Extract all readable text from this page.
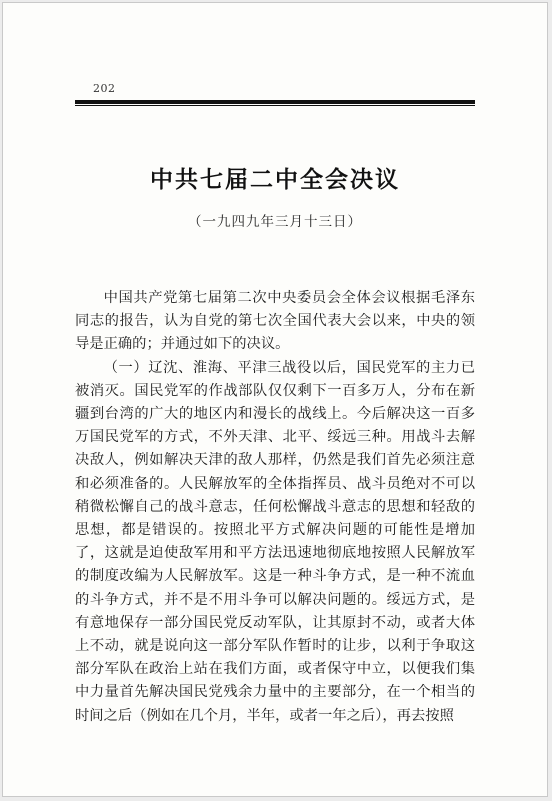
202
中共七届二中全会决议
（一九四九年三月十三日）

中国共产党第七届第二次中央委员会全体会议根据毛泽东同志的报告，认为自党的第七次全国代表大会以来，中央的领导是正确的；并通过如下的决议。

（一）辽沈、淮海、平津三战役以后，国民党军的主力已被消灭。国民党军的作战部队仅仅剩下一百多万人，分布在新疆到台湾的广大的地区内和漫长的战线上。今后解决这一百多万国民党军的方式，不外天津、北平、绥远三种。用战斗去解决敌人，例如解决天津的敌人那样，仍然是我们首先必须注意和必须准备的。人民解放军的全体指挥员、战斗员绝对不可以稍微松懈自己的战斗意志，任何松懈战斗意志的思想和轻敌的思想，都是错误的。按照北平方式解决问题的可能性是增加了，这就是迫使敌军用和平方法迅速地彻底地按照人民解放军的制度改编为人民解放军。这是一种斗争方式，是一种不流血的斗争方式，并不是不用斗争可以解决问题的。绥远方式，是有意地保存一部分国民党反动军队，让其原封不动，或者大体上不动，就是说向这一部分军队作暂时的让步，以利于争取这部分军队在政治上站在我们方面，或者保守中立，以便我们集中力量首先解决国民党残余力量中的主要部分，在一个相当的时间之后（例如在几个月，半年，或者一年之后），再去按照
